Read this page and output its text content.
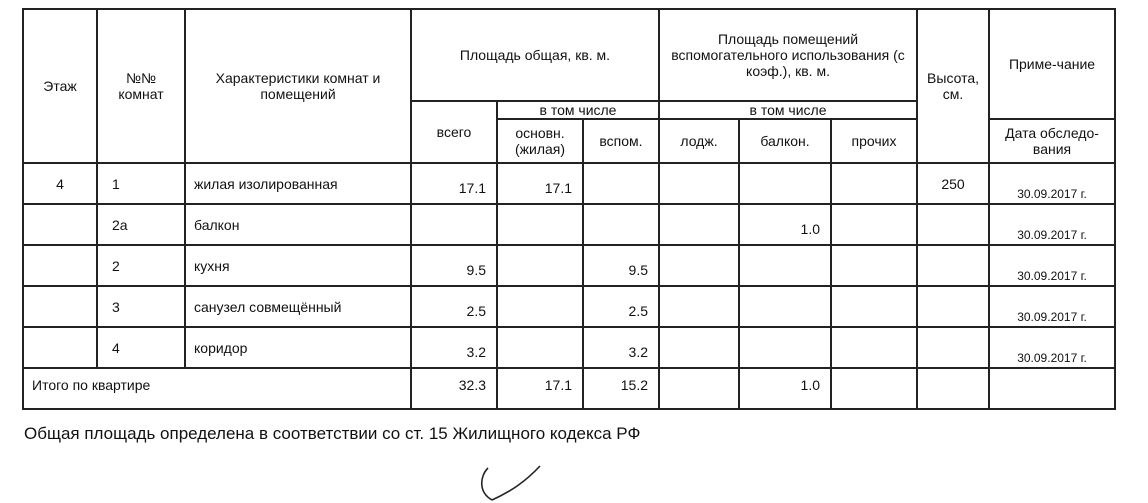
Этаж	№№ комнат	Характеристики комнат и помещений	Площадь общая, кв. м.			Площадь помещений вспомогательного использования (с коэф.), кв. м.			Высота, см.	Приме-чание
			всего	в том числе		в том числе				
				основн. (жилая)	вспом.	лодж.	балкон.	прочих		Дата обследо-вания
4	1	жилая изолированная	17.1	17.1					250	30.09.2017 г.
	2а	балкон					1.0			30.09.2017 г.
	2	кухня	9.5		9.5					30.09.2017 г.
	3	санузел совмещённый	2.5		2.5					30.09.2017 г.
	4	коридор	3.2		3.2					30.09.2017 г.
Итого по квартире			32.3	17.1	15.2		1.0			
Общая площадь определена в соответствии со ст. 15 Жилищного кодекса РФ
